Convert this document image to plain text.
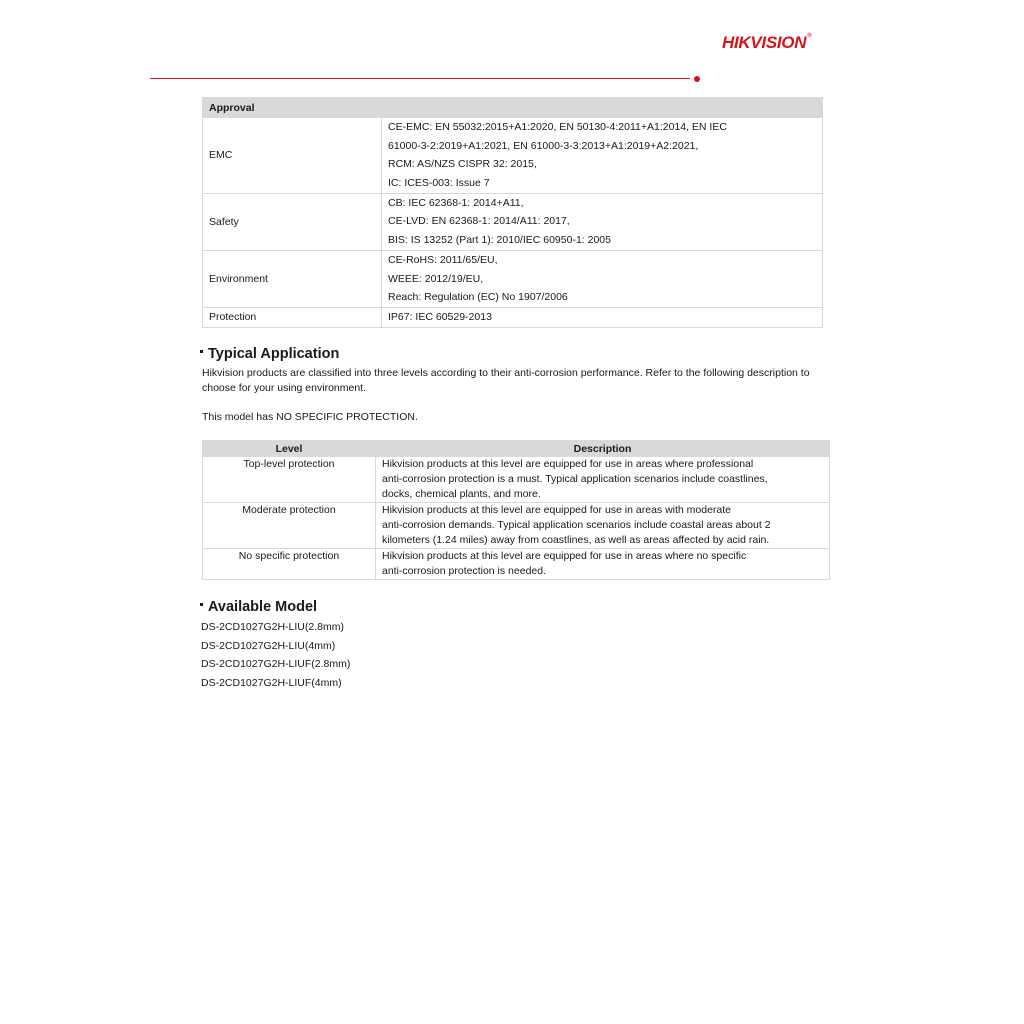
HIKVISION®
Approval	
EMC	CE-EMC: EN 55032:2015+A1:2020, EN 50130-4:2011+A1:2014, EN IEC
61000-3-2:2019+A1:2021, EN 61000-3-3:2013+A1:2019+A2:2021,
RCM: AS/NZS CISPR 32: 2015,
IC: ICES-003: Issue 7

Safety	CB: IEC 62368-1: 2014+A11,
CE-LVD: EN 62368-1: 2014/A11: 2017,
BIS: IS 13252 (Part 1): 2010/IEC 60950-1: 2005

Environment	CE-RoHS: 2011/65/EU,
WEEE: 2012/19/EU,
Reach: Regulation (EC) No 1907/2006

Protection	IP67: IEC 60529-2013
Typical Application
Hikvision products are classified into three levels according to their anti-corrosion performance. Refer to the following description to choose for your using environment.
This model has NO SPECIFIC PROTECTION.
Level	Description
Top-level protection	Hikvision products at this level are equipped for use in areas where professional
anti-corrosion protection is a must. Typical application scenarios include coastlines,
docks, chemical plants, and more.
Moderate protection	Hikvision products at this level are equipped for use in areas with moderate
anti-corrosion demands. Typical application scenarios include coastal areas about 2
kilometers (1.24 miles) away from coastlines, as well as areas affected by acid rain.
No specific protection	Hikvision products at this level are equipped for use in areas where no specific
anti-corrosion protection is needed.
Available Model
DS-2CD1027G2H-LIU(2.8mm)
DS-2CD1027G2H-LIU(4mm)
DS-2CD1027G2H-LIUF(2.8mm)
DS-2CD1027G2H-LIUF(4mm)
